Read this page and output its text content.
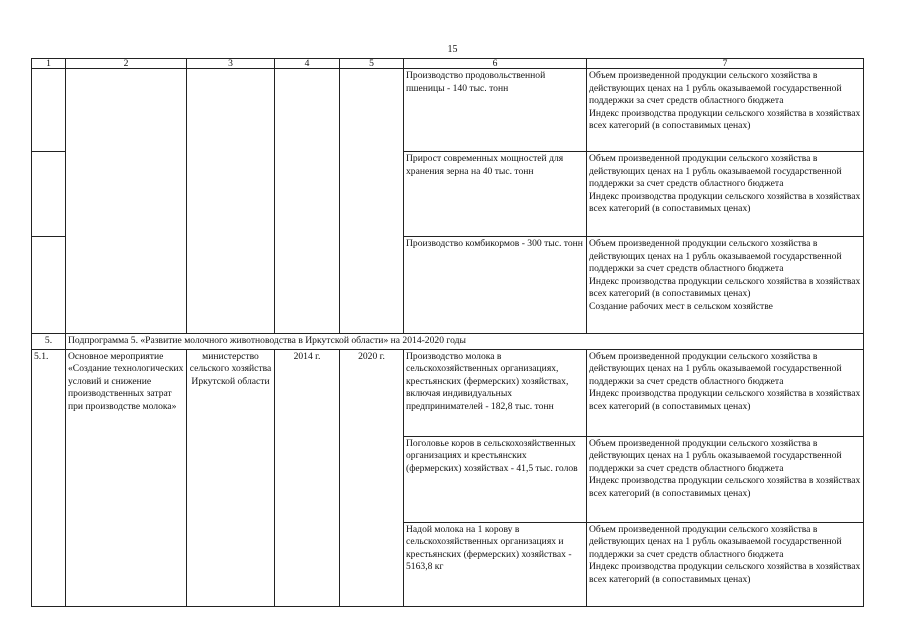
15
1	2	3	4	5	6	7
					Производство продовольственной пшеницы - 140 тыс. тонн	Объем произведенной продукции сельского хозяйства в действующих ценах на 1 рубль оказываемой государственной поддержки за счет средств областного бюджета

Индекс производства продукции сельского хозяйства в хозяйствах всех категорий (в сопоставимых ценах)

					Прирост современных мощностей для хранения зерна на 40 тыс. тонн	Объем произведенной продукции сельского хозяйства в действующих ценах на 1 рубль оказываемой государственной поддержки за счет средств областного бюджета

Индекс производства продукции сельского хозяйства в хозяйствах всех категорий (в сопоставимых ценах)

					Производство комбикормов - 300 тыс. тонн	Объем произведенной продукции сельского хозяйства в действующих ценах на 1 рубль оказываемой государственной поддержки за счет средств областного бюджета

Индекс производства продукции сельского хозяйства в хозяйствах всех категорий (в сопоставимых ценах)

Создание рабочих мест в сельском хозяйстве

5.	Подпрограмма 5. «Развитие молочного животноводства в Иркутской области» на 2014-2020 годы					
5.1.	Основное мероприятие «Создание технологических условий и снижение производственных затрат при производстве молока»	министерство сельского хозяйства Иркутской области	2014 г.	2020 г.	Производство молока в сельскохозяйственных организациях, крестьянских (фермерских) хозяйствах, включая индивидуальных предпринимателей - 182,8 тыс. тонн	Объем произведенной продукции сельского хозяйства в действующих ценах на 1 рубль оказываемой государственной поддержки за счет средств областного бюджета

Индекс производства продукции сельского хозяйства в хозяйствах всех категорий (в сопоставимых ценах)

					Поголовье коров в сельскохозяйственных организациях и крестьянских (фермерских) хозяйствах - 41,5 тыс. голов	Объем произведенной продукции сельского хозяйства в действующих ценах на 1 рубль оказываемой государственной поддержки за счет средств областного бюджета

Индекс производства продукции сельского хозяйства в хозяйствах всех категорий (в сопоставимых ценах)

					Надой молока на 1 корову в сельскохозяйственных организациях и крестьянских (фермерских) хозяйствах - 5163,8 кг	Объем произведенной продукции сельского хозяйства в действующих ценах на 1 рубль оказываемой государственной поддержки за счет средств областного бюджета

Индекс производства продукции сельского хозяйства в хозяйствах всех категорий (в сопоставимых ценах)
